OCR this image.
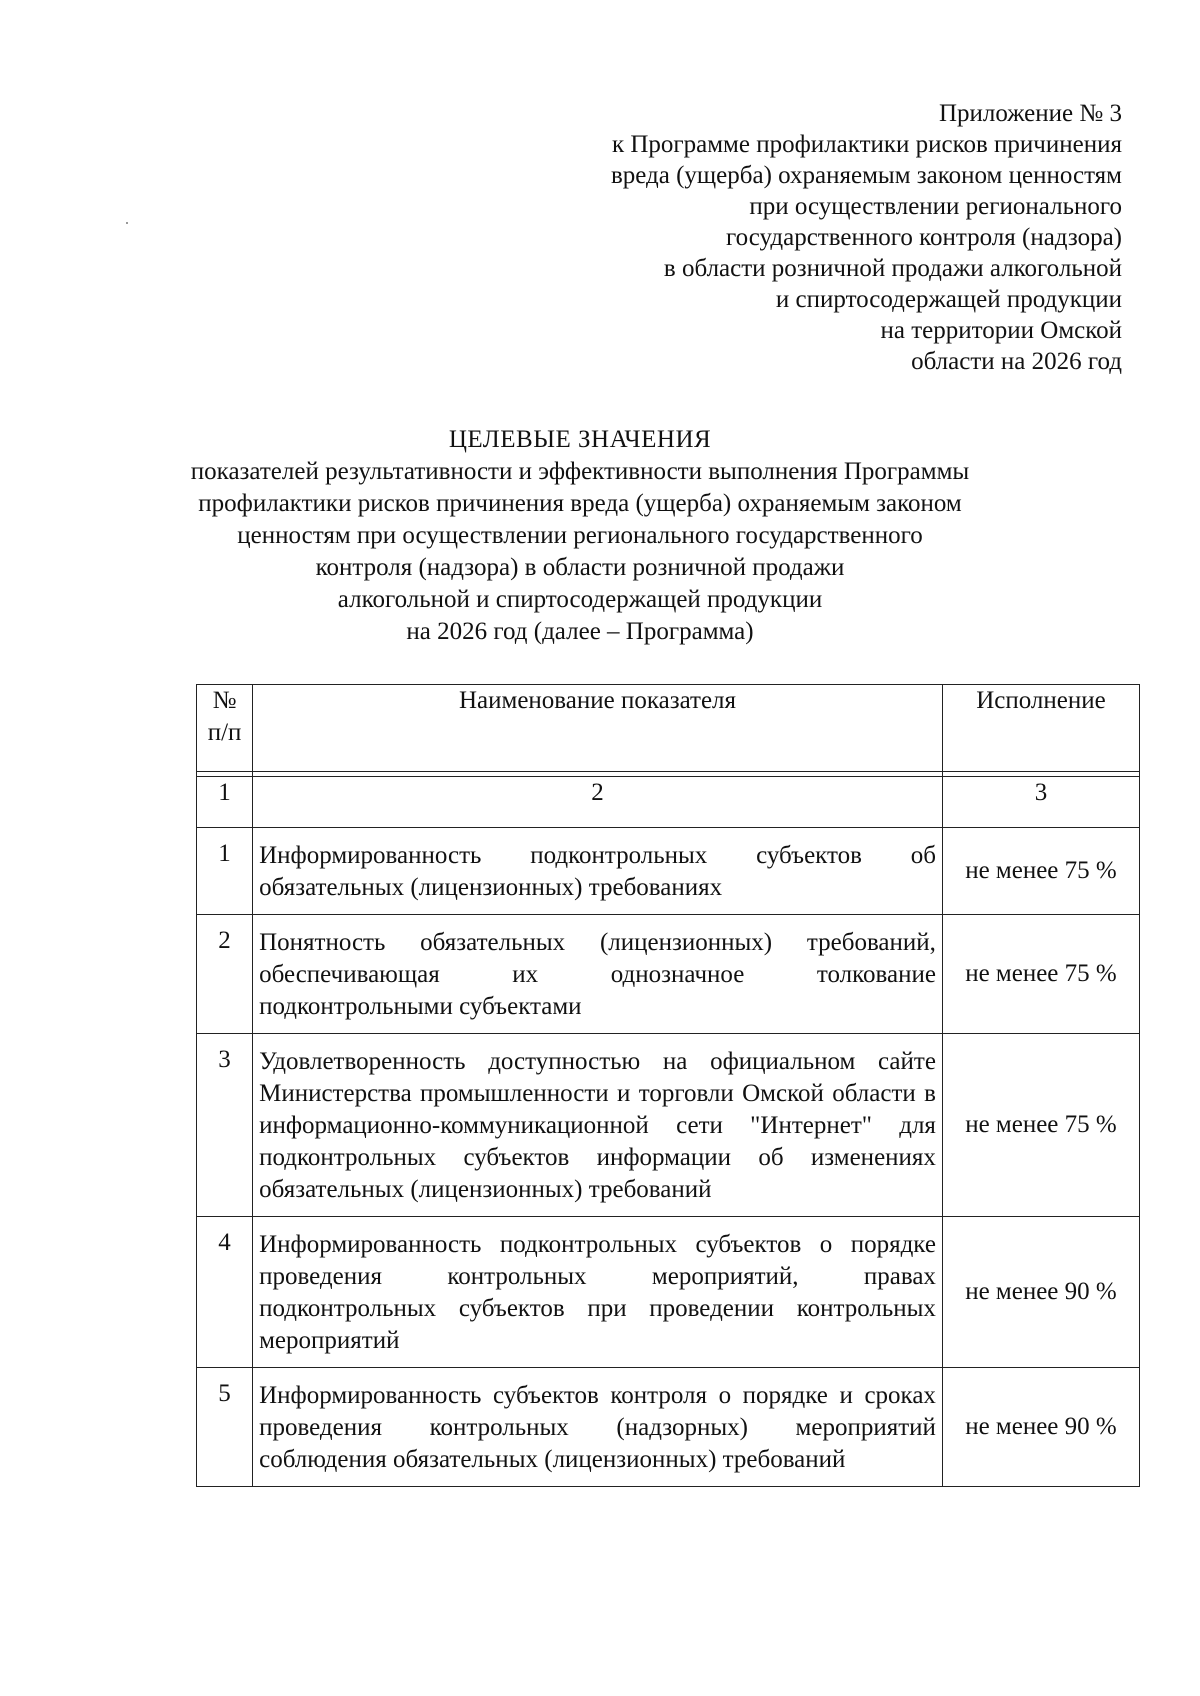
Приложение № 3
к Программе профилактики рисков причинения
вреда (ущерба) охраняемым законом ценностям
при осуществлении регионального
государственного контроля (надзора)
в области розничной продажи алкогольной
и спиртосодержащей продукции
на территории Омской
области на 2026 год
ЦЕЛЕВЫЕ ЗНАЧЕНИЯ
показателей результативности и эффективности выполнения Программы
профилактики рисков причинения вреда (ущерба) охраняемым законом
ценностям при осуществлении регионального государственного
контроля (надзора) в области розничной продажи
алкогольной и спиртосодержащей продукции
на 2026 год (далее – Программа)
№
п/п	Наименование показателя	Исполнение

1	2	3
1	Информированность подконтрольных субъектов об обязательных (лицензионных) требованиях	не менее 75 %
2	Понятность обязательных (лицензионных) требований, обеспечивающая их однозначное толкование подконтрольными субъектами	не менее 75 %
3	Удовлетворенность доступностью на официальном сайте Министерства промышленности и торговли Омской области в информационно-коммуникационной сети "Интернет" для подконтрольных субъектов информации об изменениях обязательных (лицензионных) требований	не менее 75 %
4	Информированность подконтрольных субъектов о порядке проведения контрольных мероприятий, правах подконтрольных субъектов при проведении контрольных мероприятий	не менее 90 %
5	Информированность субъектов контроля о порядке и сроках проведения контрольных (надзорных) мероприятий соблюдения обязательных (лицензионных) требований	не менее 90 %
